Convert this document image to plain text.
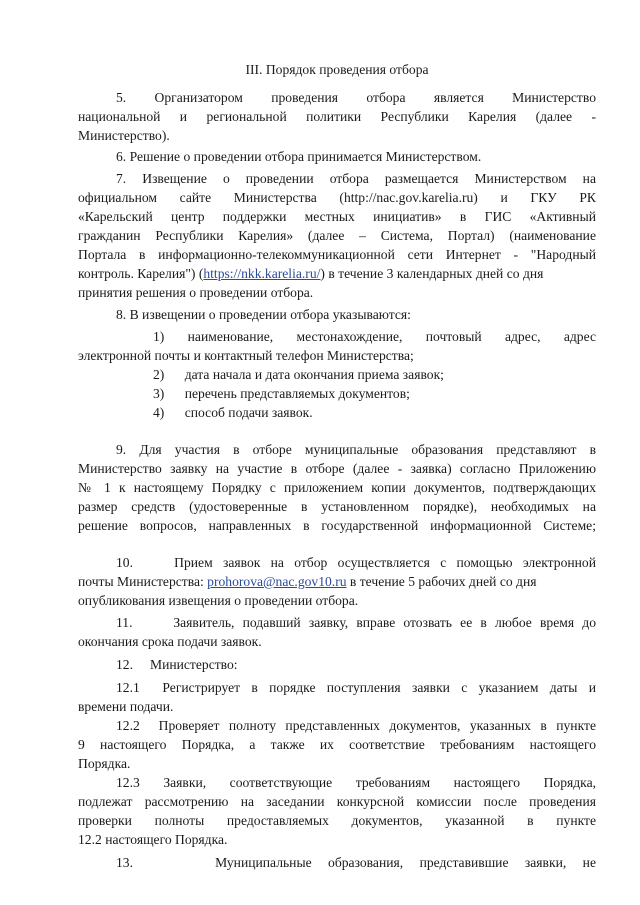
III. Порядок проведения отбора

5. Организатором проведения отбора является Министерство

национальной и региональной политики Республики Карелия (далее -

Министерство).

6. Решение о проведении отбора принимается Министерством.

7. Извещение о проведении отбора размещается Министерством на

официальном сайте Министерства (http://nac.gov.karelia.ru) и ГКУ РК

«Карельский центр поддержки местных инициатив» в ГИС «Активный

гражданин Республики Карелия» (далее – Система, Портал) (наименование

Портала в информационно-телекоммуникационной сети Интернет - "Народный

контроль. Карелия") (https://nkk.karelia.ru/) в течение 3 календарных дней со дня

принятия решения о проведении отбора.

8. В извещении о проведении отбора указываются:

1) наименование, местонахождение, почтовый адрес, адрес

электронной почты и контактный телефон Министерства;

2)      дата начала и дата окончания приема заявок;

3)      перечень представляемых документов;

4)      способ подачи заявок.

9. Для участия в отборе муниципальные образования представляют в

Министерство заявку на участие в отборе (далее - заявка) согласно Приложению

№ 1 к настоящему Порядку с приложением копии документов, подтверждающих

размер средств (удостоверенные в установленном порядке), необходимых на

решение вопросов, направленных в государственной информационной Системе;

10.    Прием заявок на отбор осуществляется с помощью электронной

почты Министерства: prohorova@nac.gov10.ru в течение 5 рабочих дней со дня

опубликования извещения о проведении отбора.

11.     Заявитель, подавший заявку, вправе отозвать ее в любое время до

окончания срока подачи заявок.

12.     Министерство:

12.1  Регистрирует в порядке поступления заявки с указанием даты и

времени подачи.

12.2  Проверяет полноту представленных документов, указанных в пункте

9 настоящего Порядка, а также их соответствие требованиям настоящего

Порядка.

12.3 Заявки, соответствующие требованиям настоящего Порядка,

подлежат рассмотрению на заседании конкурсной комиссии после проведения

проверки полноты предоставляемых документов, указанной в пункте

12.2 настоящего Порядка.

13.     Муниципальные образования, представившие заявки, не
